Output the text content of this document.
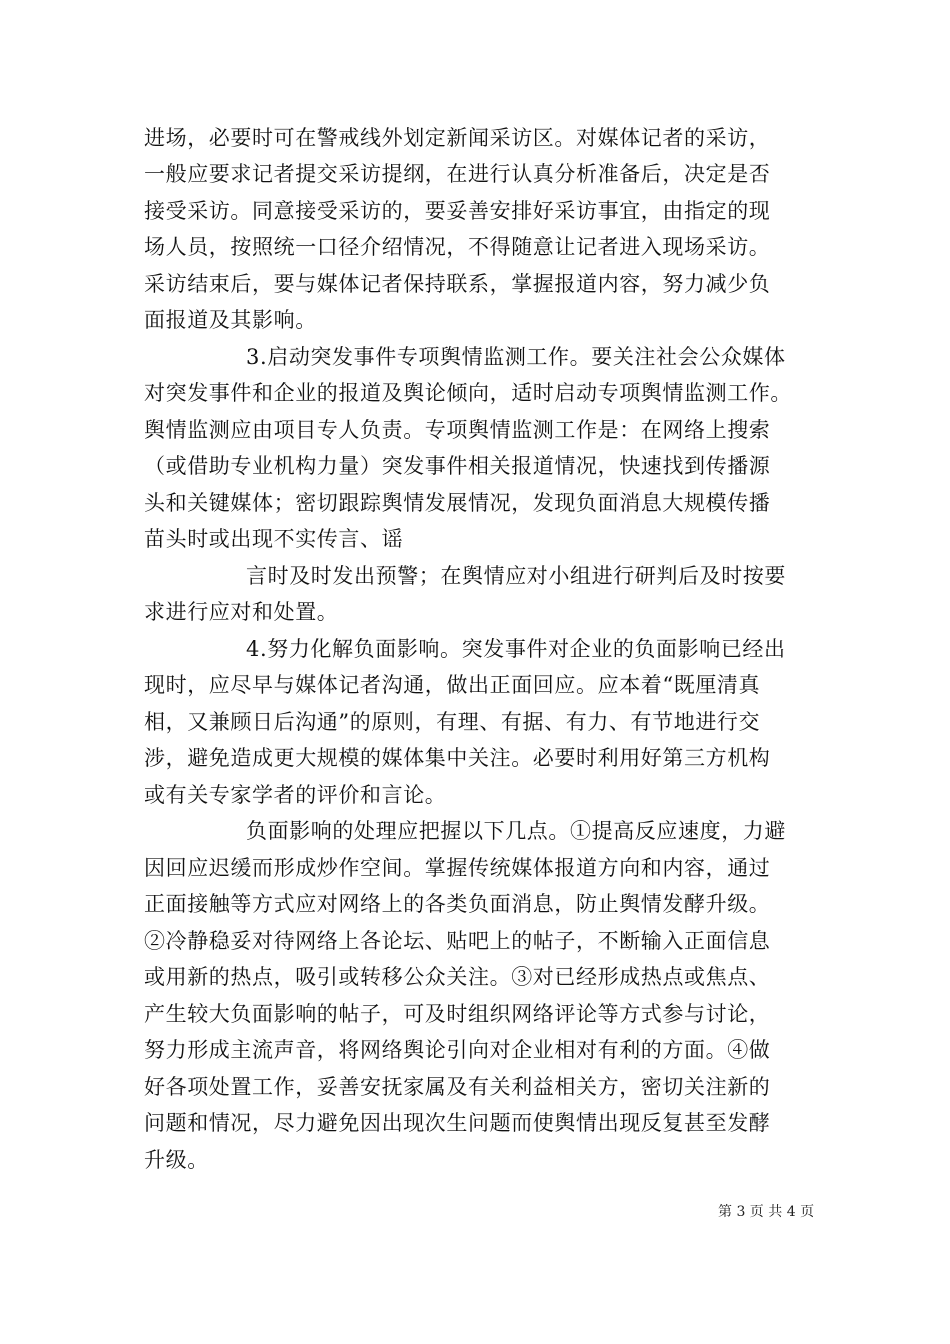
进场，必要时可在警戒线外划定新闻采访区。对媒体记者的采访，
一般应要求记者提交采访提纲，在进行认真分析准备后，决定是否
接受采访。同意接受采访的，要妥善安排好采访事宜，由指定的现
场人员，按照统一口径介绍情况，不得随意让记者进入现场采访。
采访结束后，要与媒体记者保持联系，掌握报道内容，努力减少负
面报道及其影响。
3.启动突发事件专项舆情监测工作。要关注社会公众媒体
对突发事件和企业的报道及舆论倾向，适时启动专项舆情监测工作。
舆情监测应由项目专人负责。专项舆情监测工作是：在网络上搜索
（或借助专业机构力量）突发事件相关报道情况，快速找到传播源
头和关键媒体；密切跟踪舆情发展情况，发现负面消息大规模传播
苗头时或出现不实传言、谣
言时及时发出预警；在舆情应对小组进行研判后及时按要
求进行应对和处置。
4.努力化解负面影响。突发事件对企业的负面影响已经出
现时，应尽早与媒体记者沟通，做出正面回应。应本着“既厘清真
相，又兼顾日后沟通”的原则，有理、有据、有力、有节地进行交
涉，避免造成更大规模的媒体集中关注。必要时利用好第三方机构
或有关专家学者的评价和言论。
负面影响的处理应把握以下几点。①提高反应速度，力避
因回应迟缓而形成炒作空间。掌握传统媒体报道方向和内容，通过
正面接触等方式应对网络上的各类负面消息，防止舆情发酵升级。
②冷静稳妥对待网络上各论坛、贴吧上的帖子，不断输入正面信息
或用新的热点，吸引或转移公众关注。③对已经形成热点或焦点、
产生较大负面影响的帖子，可及时组织网络评论等方式参与讨论，
努力形成主流声音，将网络舆论引向对企业相对有利的方面。④做
好各项处置工作，妥善安抚家属及有关利益相关方，密切关注新的
问题和情况，尽力避免因出现次生问题而使舆情出现反复甚至发酵
升级。
第 3 页 共 4 页
